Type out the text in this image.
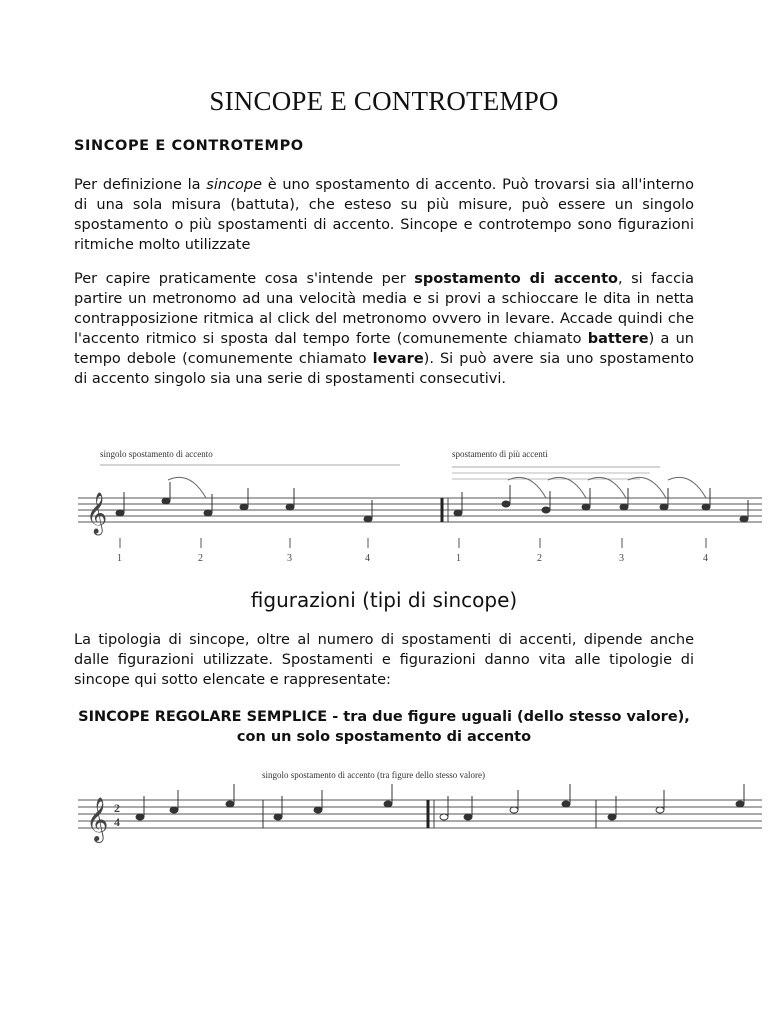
SINCOPE E CONTROTEMPO
SINCOPE E CONTROTEMPO
Per definizione la sincope è uno spostamento di accento. Può trovarsi sia all'interno di una sola misura (battuta), che esteso su più misure, può essere un singolo spostamento o più spostamenti di accento. Sincope e controtempo sono figurazioni ritmiche molto utilizzate
Per capire praticamente cosa s'intende per spostamento di accento, si faccia partire un metronomo ad una velocità media e si provi a schioccare le dita in netta contrapposizione ritmica al click del metronomo ovvero in levare. Accade quindi che l'accento ritmico si sposta dal tempo forte (comunemente chiamato battere) a un tempo debole (comunemente chiamato levare). Si può avere sia uno spostamento di accento singolo sia una serie di spostamenti consecutivi.
singolo spostamento di accento	spostamento di più accenti
𝄞
1	2	3	4	1	2	3	4
figurazioni (tipi di sincope)
La tipologia di sincope, oltre al numero di spostamenti di accenti, dipende anche dalle figurazioni utilizzate. Spostamenti e figurazioni danno vita alle tipologie di sincope qui sotto elencate e rappresentate:
SINCOPE REGOLARE SEMPLICE - tra due figure uguali (dello stesso valore), con un solo spostamento di accento
singolo spostamento di accento (tra figure dello stesso valore)
𝄞 2
4
